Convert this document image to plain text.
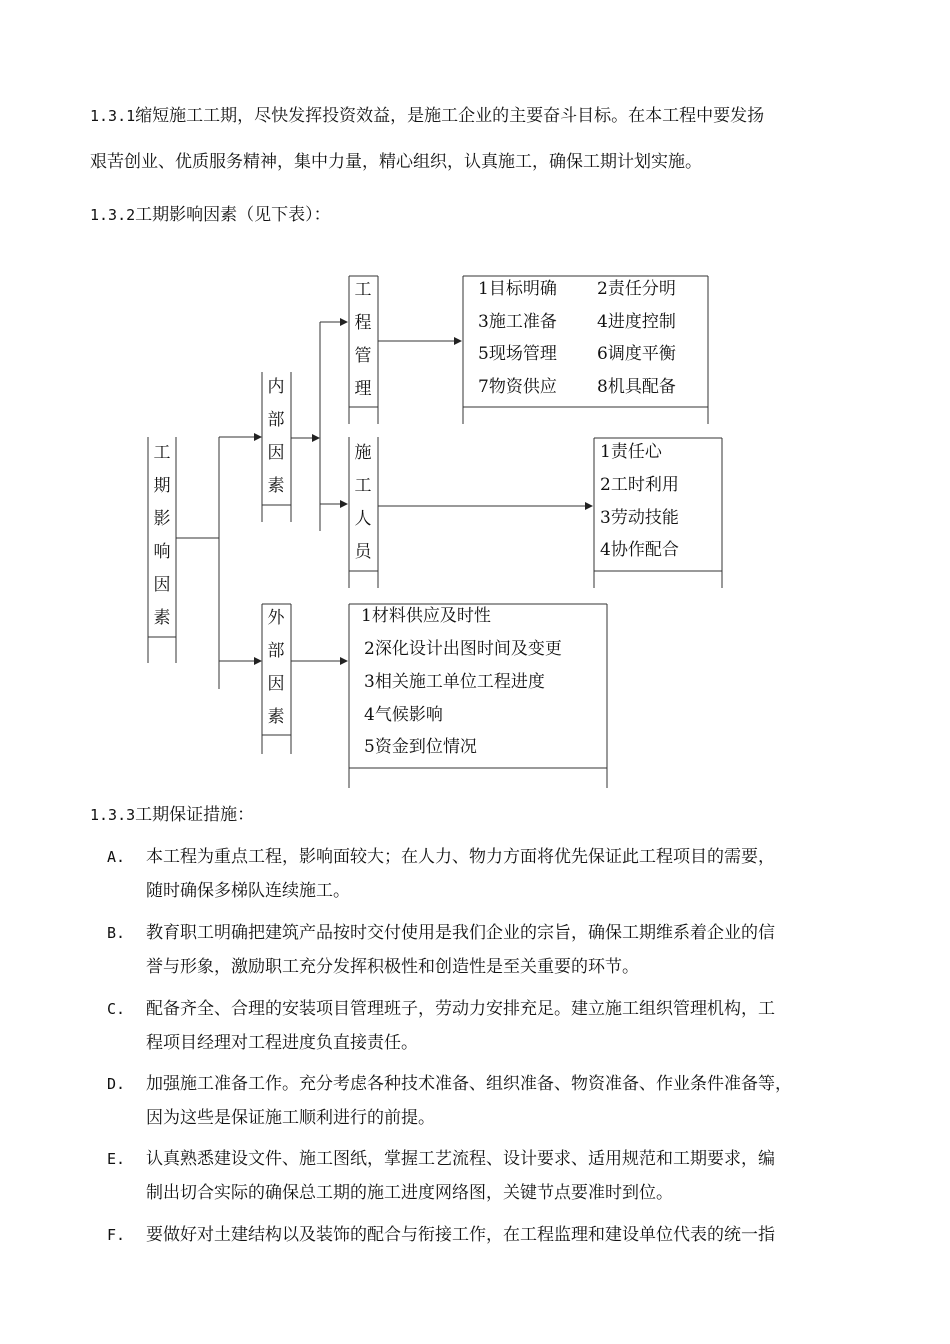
1.3.1缩短施工工期，尽快发挥投资效益，是施工企业的主要奋斗目标。在本工程中要发扬
艰苦创业、优质服务精神，集中力量，精心组织，认真施工，确保工期计划实施。
1.3.2工期影响因素（见下表）：
工
期
影
响
因
素
内
部
因
素
外
部
因
素
工
程
管
理
施
工
人
员
1目标明确 2责任分明
3施工准备 4进度控制
5现场管理 6调度平衡
7物资供应 8机具配备
1责任心
2工时利用
3劳动技能
4协作配合
1材料供应及时性
2深化设计出图时间及变更
3相关施工单位工程进度
4气候影响
5资金到位情况
1.3.3工期保证措施：
A. 本工程为重点工程，影响面较大；在人力、物力方面将优先保证此工程项目的需要，
随时确保多梯队连续施工。
B. 教育职工明确把建筑产品按时交付使用是我们企业的宗旨，确保工期维系着企业的信
誉与形象，激励职工充分发挥积极性和创造性是至关重要的环节。
C. 配备齐全、合理的安装项目管理班子，劳动力安排充足。建立施工组织管理机构，工
程项目经理对工程进度负直接责任。
D. 加强施工准备工作。充分考虑各种技术准备、组织准备、物资准备、作业条件准备等，
因为这些是保证施工顺利进行的前提。
E. 认真熟悉建设文件、施工图纸，掌握工艺流程、设计要求、适用规范和工期要求，编
制出切合实际的确保总工期的施工进度网络图，关键节点要准时到位。
F. 要做好对土建结构以及装饰的配合与衔接工作，在工程监理和建设单位代表的统一指
